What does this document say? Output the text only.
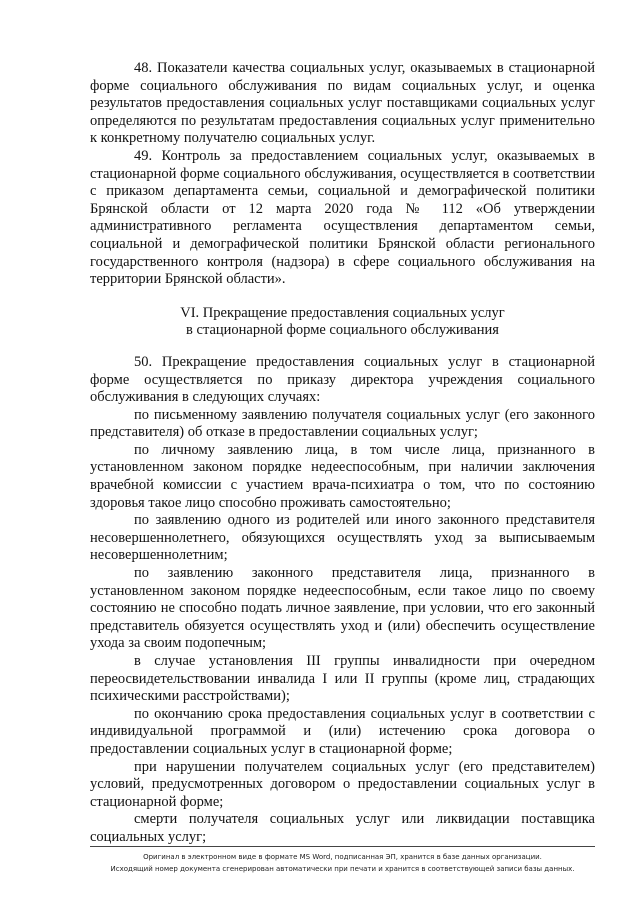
48. Показатели качества социальных услуг, оказываемых в стационарной форме социального обслуживания по видам социальных услуг, и оценка результатов предоставления социальных услуг поставщиками социальных услуг определяются по результатам предоставления социальных услуг применительно к конкретному получателю социальных услуг.

49. Контроль за предоставлением социальных услуг, оказываемых в стационарной форме социального обслуживания, осуществляется в соответствии с приказом департамента семьи, социальной и демографической политики Брянской области от 12 марта 2020 года № 112 «Об утверждении административного регламента осуществления департаментом семьи, социальной и демографической политики Брянской области регионального государственного контроля (надзора) в сфере социального обслуживания на территории Брянской области».

VI. Прекращение предоставления социальных услуг
в стационарной форме социального обслуживания

50. Прекращение предоставления социальных услуг в стационарной форме осуществляется по приказу директора учреждения социального обслуживания в следующих случаях:

по письменному заявлению получателя социальных услуг (его законного представителя) об отказе в предоставлении социальных услуг;

по личному заявлению лица, в том числе лица, признанного в установленном законом порядке недееспособным, при наличии заключения врачебной комиссии с участием врача-психиатра о том, что по состоянию здоровья такое лицо способно проживать самостоятельно;

по заявлению одного из родителей или иного законного представителя несовершеннолетнего, обязующихся осуществлять уход за выписываемым несовершеннолетним;

по заявлению законного представителя лица, признанного в установленном законом порядке недееспособным, если такое лицо по своему состоянию не способно подать личное заявление, при условии, что его законный представитель обязуется осуществлять уход и (или) обеспечить осуществление ухода за своим подопечным;

в случае установления III группы инвалидности при очередном переосвидетельствовании инвалида I или II группы (кроме лиц, страдающих психическими расстройствами);

по окончанию срока предоставления социальных услуг в соответствии с индивидуальной программой и (или) истечению срока договора о предоставлении социальных услуг в стационарной форме;

при нарушении получателем социальных услуг (его представителем) условий, предусмотренных договором о предоставлении социальных услуг в стационарной форме;

смерти получателя социальных услуг или ликвидации поставщика социальных услуг;

Оригинал в электронном виде в формате MS Word, подписанная ЭП, хранится в базе данных организации.
Исходящий номер документа сгенерирован автоматически при печати и хранится в соответствующей записи базы данных.
